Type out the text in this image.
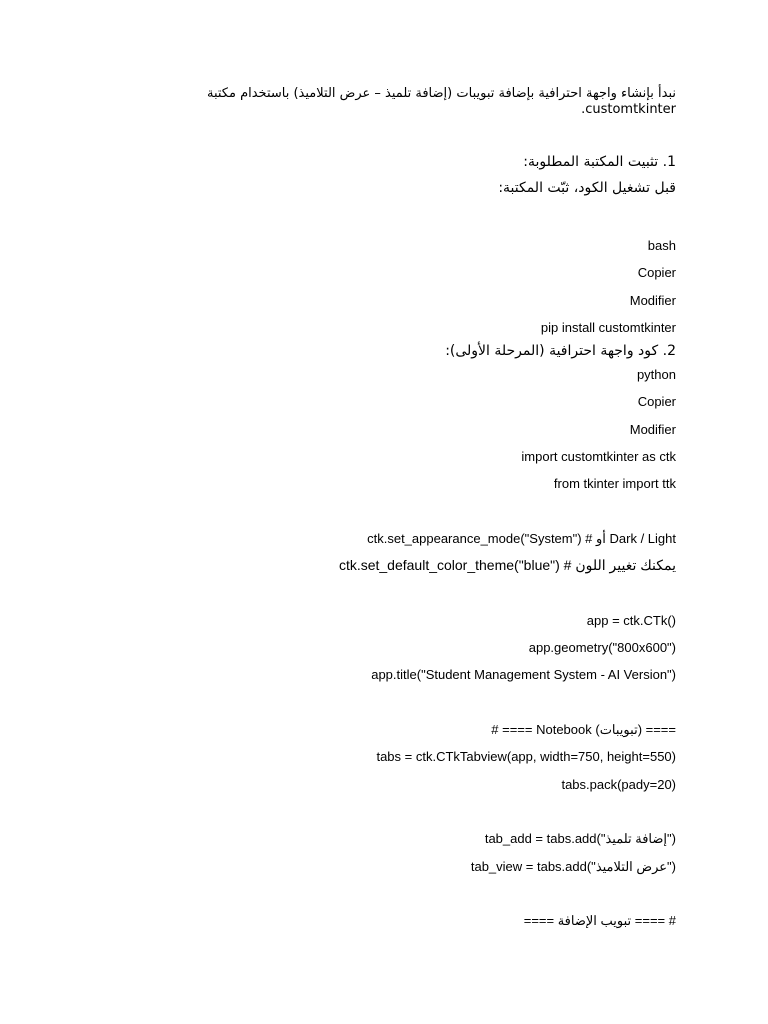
نبدأ بإنشاء واجهة احترافية بإضافة تبويبات (إضافة تلميذ – عرض التلاميذ) باستخدام مكتبة customtkinter.
1. تثبيت المكتبة المطلوبة:
قبل تشغيل الكود، ثبّت المكتبة:
bash
Copier
Modifier
pip install customtkinter
2. كود واجهة احترافية (المرحلة الأولى):
python
Copier
Modifier
import customtkinter as ctk
from tkinter import ttk
ctk.set_appearance_mode("System") # أو Dark / Light
ctk.set_default_color_theme("blue") # يمكنك تغيير اللون
app = ctk.CTk()
app.geometry("800x600")
app.title("Student Management System - AI Version")
# ==== Notebook (تبويبات) ====
tabs = ctk.CTkTabview(app, width=750, height=550)
tabs.pack(pady=20)
tab_add = tabs.add("إضافة تلميذ")
tab_view = tabs.add("عرض التلاميذ")
# ==== تبويب الإضافة ====
